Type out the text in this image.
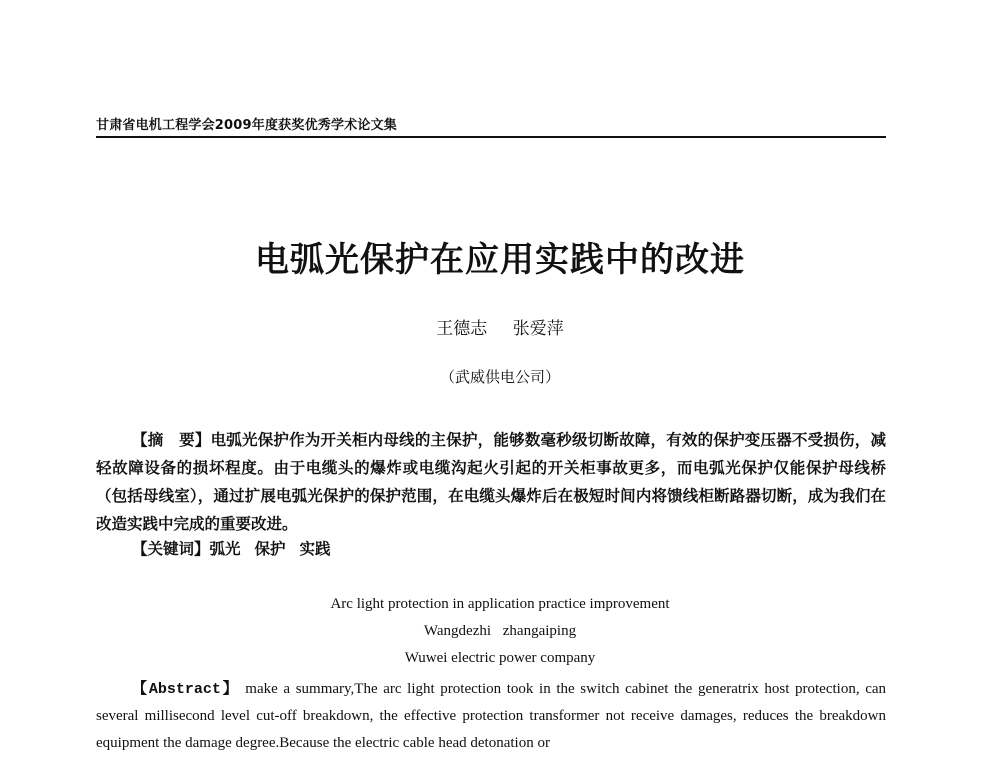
甘肃省电机工程学会2009年度获奖优秀学术论文集
电弧光保护在应用实践中的改进
王德志 张爱萍
（武威供电公司）
【摘　要】电弧光保护作为开关柜内母线的主保护，能够数毫秒级切断故障，有效的保护变压器不受损伤，减轻故障设备的损坏程度。由于电缆头的爆炸或电缆沟起火引起的开关柜事故更多，而电弧光保护仅能保护母线桥（包括母线室），通过扩展电弧光保护的保护范围，在电缆头爆炸后在极短时间内将馈线柜断路器切断，成为我们在改造实践中完成的重要改进。
【关键词】弧光 保护 实践
Arc light protection in application practice improvement
Wangdezhi zhangaiping
Wuwei electric power company
【Abstract】 make a summary,The arc light protection took in the switch cabinet the generatrix host protection, can several millisecond level cut-off breakdown, the effective protection transformer not receive damages, reduces the breakdown equipment the damage degree.Because the electric cable head detonation or
